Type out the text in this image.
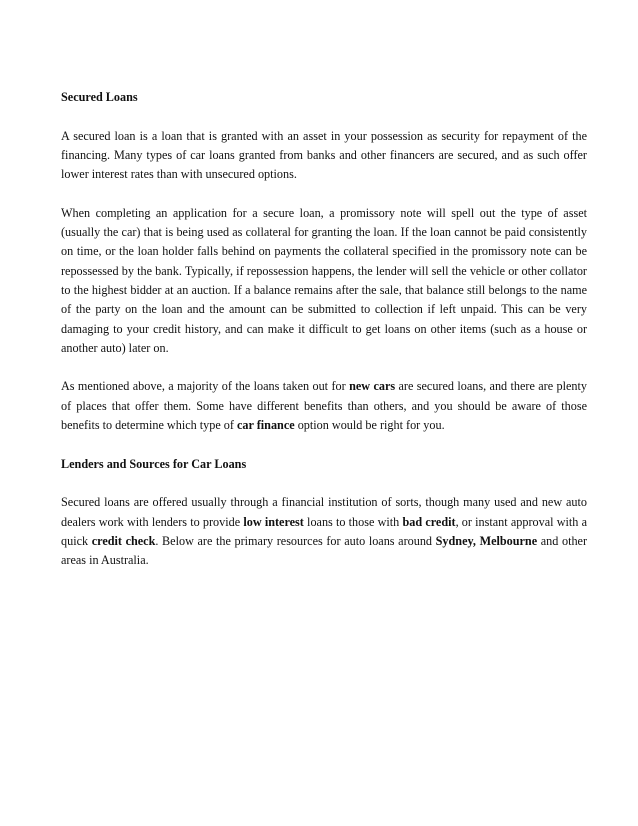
Secured Loans

A secured loan is a loan that is granted with an asset in your possession as security for repayment of the financing. Many types of car loans granted from banks and other financers are secured, and as such offer lower interest rates than with unsecured options.

When completing an application for a secure loan, a promissory note will spell out the type of asset (usually the car) that is being used as collateral for granting the loan. If the loan cannot be paid consistently on time, or the loan holder falls behind on payments the collateral specified in the promissory note can be repossessed by the bank. Typically, if repossession happens, the lender will sell the vehicle or other collator to the highest bidder at an auction. If a balance remains after the sale, that balance still belongs to the name of the party on the loan and the amount can be submitted to collection if left unpaid. This can be very damaging to your credit history, and can make it difficult to get loans on other items (such as a house or another auto) later on.

As mentioned above, a majority of the loans taken out for new cars are secured loans, and there are plenty of places that offer them. Some have different benefits than others, and you should be aware of those benefits to determine which type of car finance option would be right for you.

Lenders and Sources for Car Loans

Secured loans are offered usually through a financial institution of sorts, though many used and new auto dealers work with lenders to provide low interest loans to those with bad credit, or instant approval with a quick credit check. Below are the primary resources for auto loans around Sydney, Melbourne and other areas in Australia.
